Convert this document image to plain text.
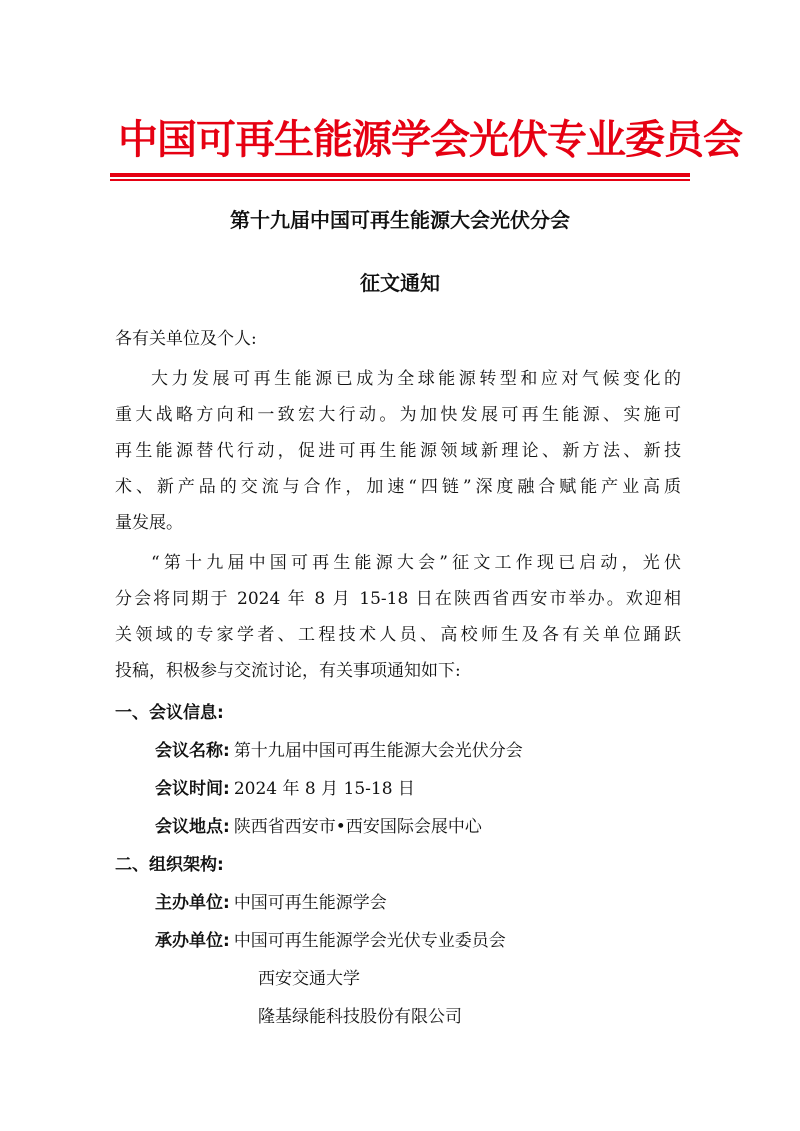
中国可再生能源学会光伏专业委员会
第十九届中国可再生能源大会光伏分会
征文通知
各有关单位及个人:
大力发展可再生能源已成为全球能源转型和应对气候变化的
重大战略方向和一致宏大行动。为加快发展可再生能源、实施可
再生能源替代行动，促进可再生能源领域新理论、新方法、新技
术、新产品的交流与合作，加速“四链”深度融合赋能产业高质
量发展。
“第十九届中国可再生能源大会”征文工作现已启动，光伏
分会将同期于 2024 年 8 月 15-18 日在陕西省西安市举办。欢迎相
关领域的专家学者、工程技术人员、高校师生及各有关单位踊跃
投稿，积极参与交流讨论，有关事项通知如下:
一、会议信息:
会议名称: 第十九届中国可再生能源大会光伏分会
会议时间: 2024 年 8 月 15-18 日
会议地点: 陕西省西安市•西安国际会展中心
二、组织架构:
主办单位: 中国可再生能源学会
承办单位: 中国可再生能源学会光伏专业委员会
西安交通大学
隆基绿能科技股份有限公司
